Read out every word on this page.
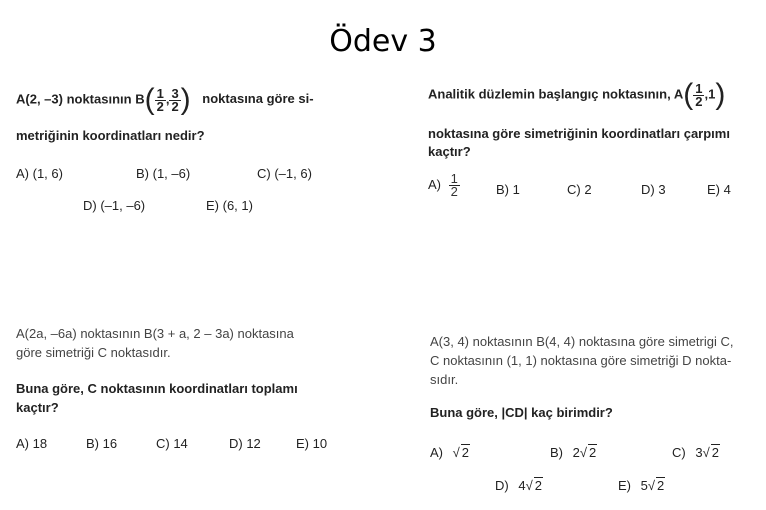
Ödev 3
A(2, –3) noktasının $B( \frac{1}{2}$ , $\frac{3}{2}$ ) noktasına göre si-
metriğinin koordinatları nedir?
A) (1, 6)	B) (1, –6)	C) (–1, 6)
D) (–1, –6)	E) (6, 1)
Analitik düzlemin başlangıç noktasının, $A( \frac{1}{2} ,1)$
noktasına göre simetriğinin koordinatları çarpımı
kaçtır?
$A) \frac{1}{2}$	B) 1	C) 2	D) 3	E) 4
A(2a, –6a) noktasının B(3 + a, 2 – 3a) noktasına
göre simetriği C noktasıdır.
Buna göre, C noktasının koordinatları toplamı
kaçtır?
A) 18	B) 16	C) 14	D) 12	E) 10
A(3, 4) noktasının B(4, 4) noktasına göre simetrigi C,
C noktasının (1, 1) noktasına göre simetriği D nokta-
sıdır.
Buna göre, |CD| kaç birimdir?
A) √ 2	B) 2√ 2	C) 3√ 2
D) 4√ 2	E) 5√ 2
